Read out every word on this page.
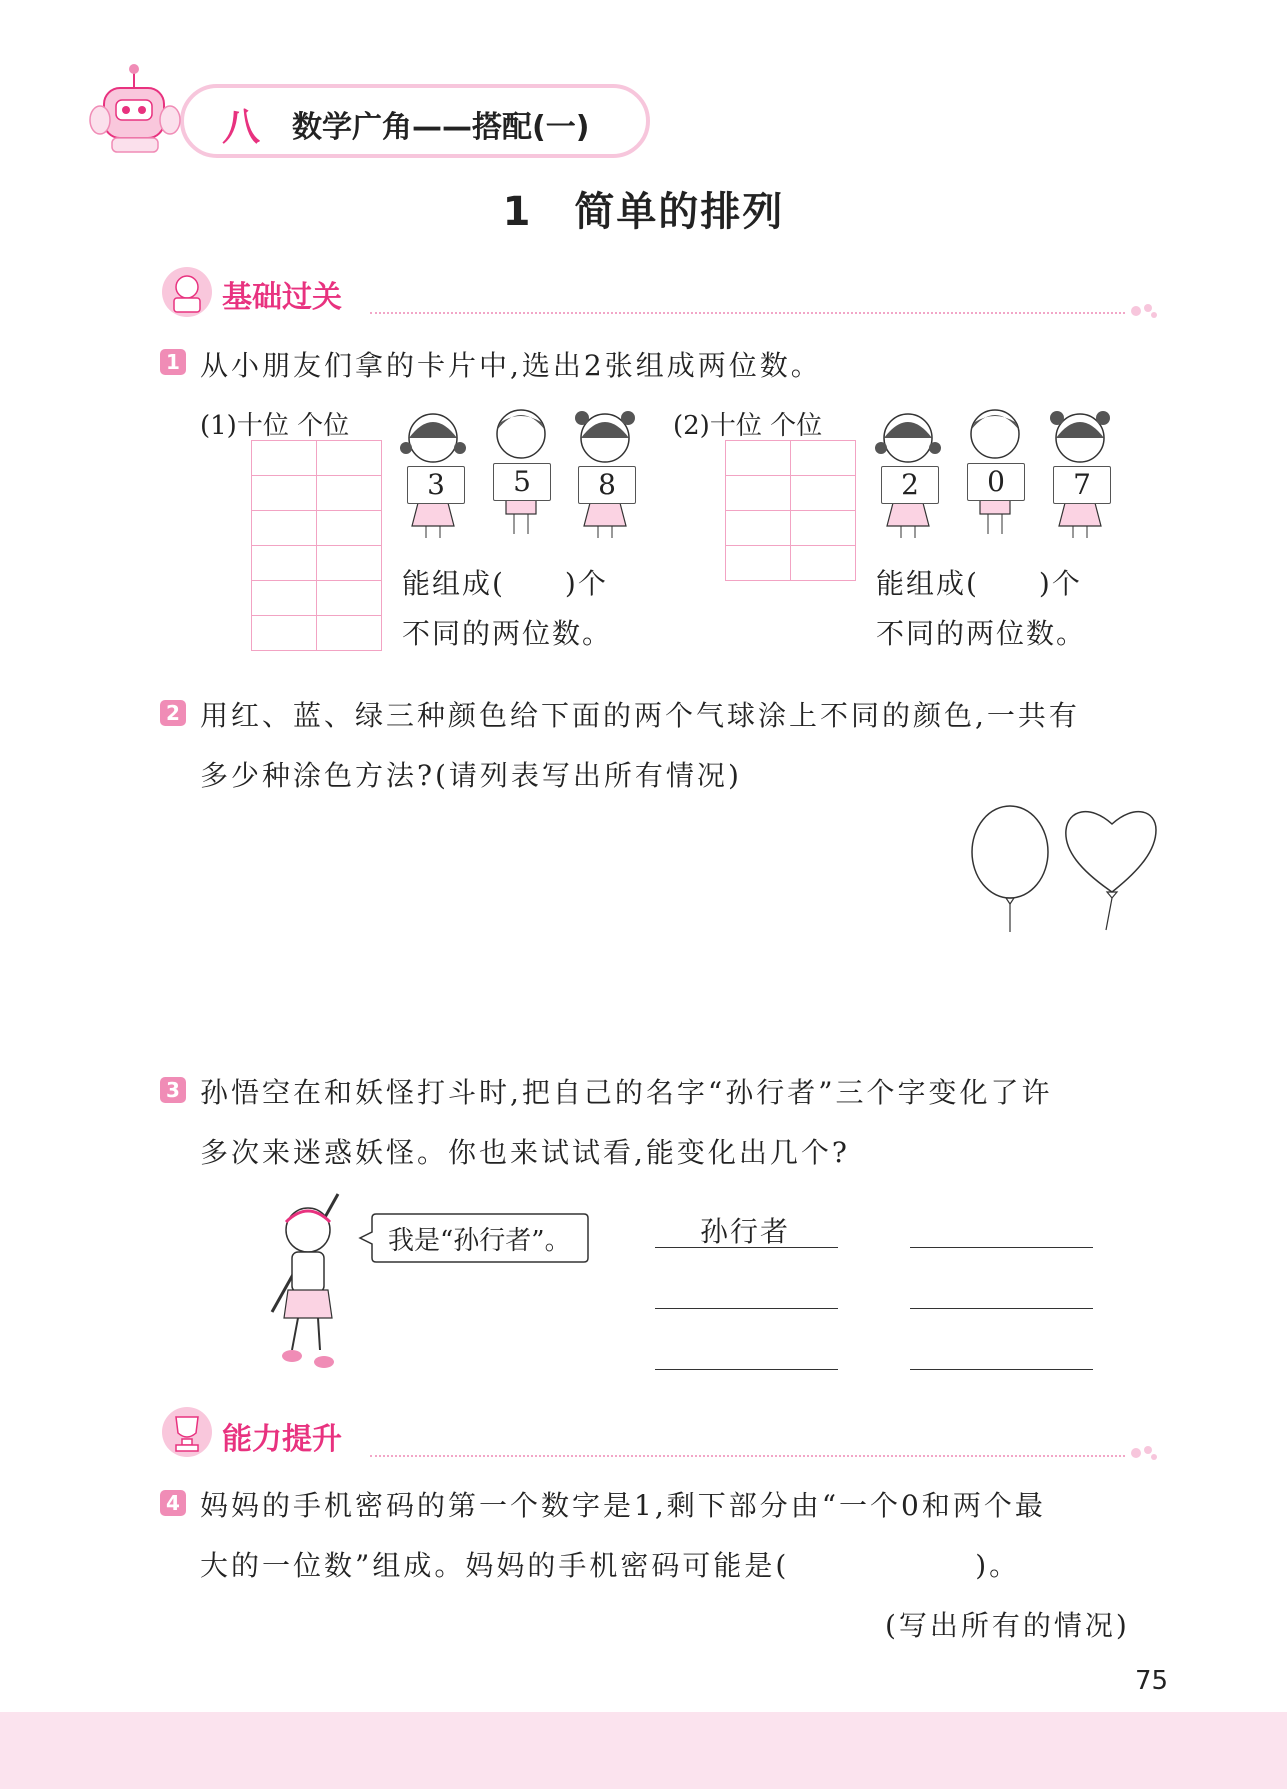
八 数学广角——搭配(一)
1　简单的排列
基础过关
1 从小朋友们拿的卡片中,选出2张组成两位数。
(1)十位 个位

3	5	8
能组成(　　)个
不同的两位数。
(2)十位 个位

2	0	7
能组成(　　)个
不同的两位数。
2 用红、蓝、绿三种颜色给下面的两个气球涂上不同的颜色,一共有
多少种涂色方法?(请列表写出所有情况)
3 孙悟空在和妖怪打斗时,把自己的名字“孙行者”三个字变化了许
多次来迷惑妖怪。你也来试试看,能变化出几个?
我是“孙行者”。	孙行者
能力提升
4 妈妈的手机密码的第一个数字是1,剩下部分由“一个0和两个最
大的一位数”组成。妈妈的手机密码可能是(　　　　　　)。
(写出所有的情况)
75
